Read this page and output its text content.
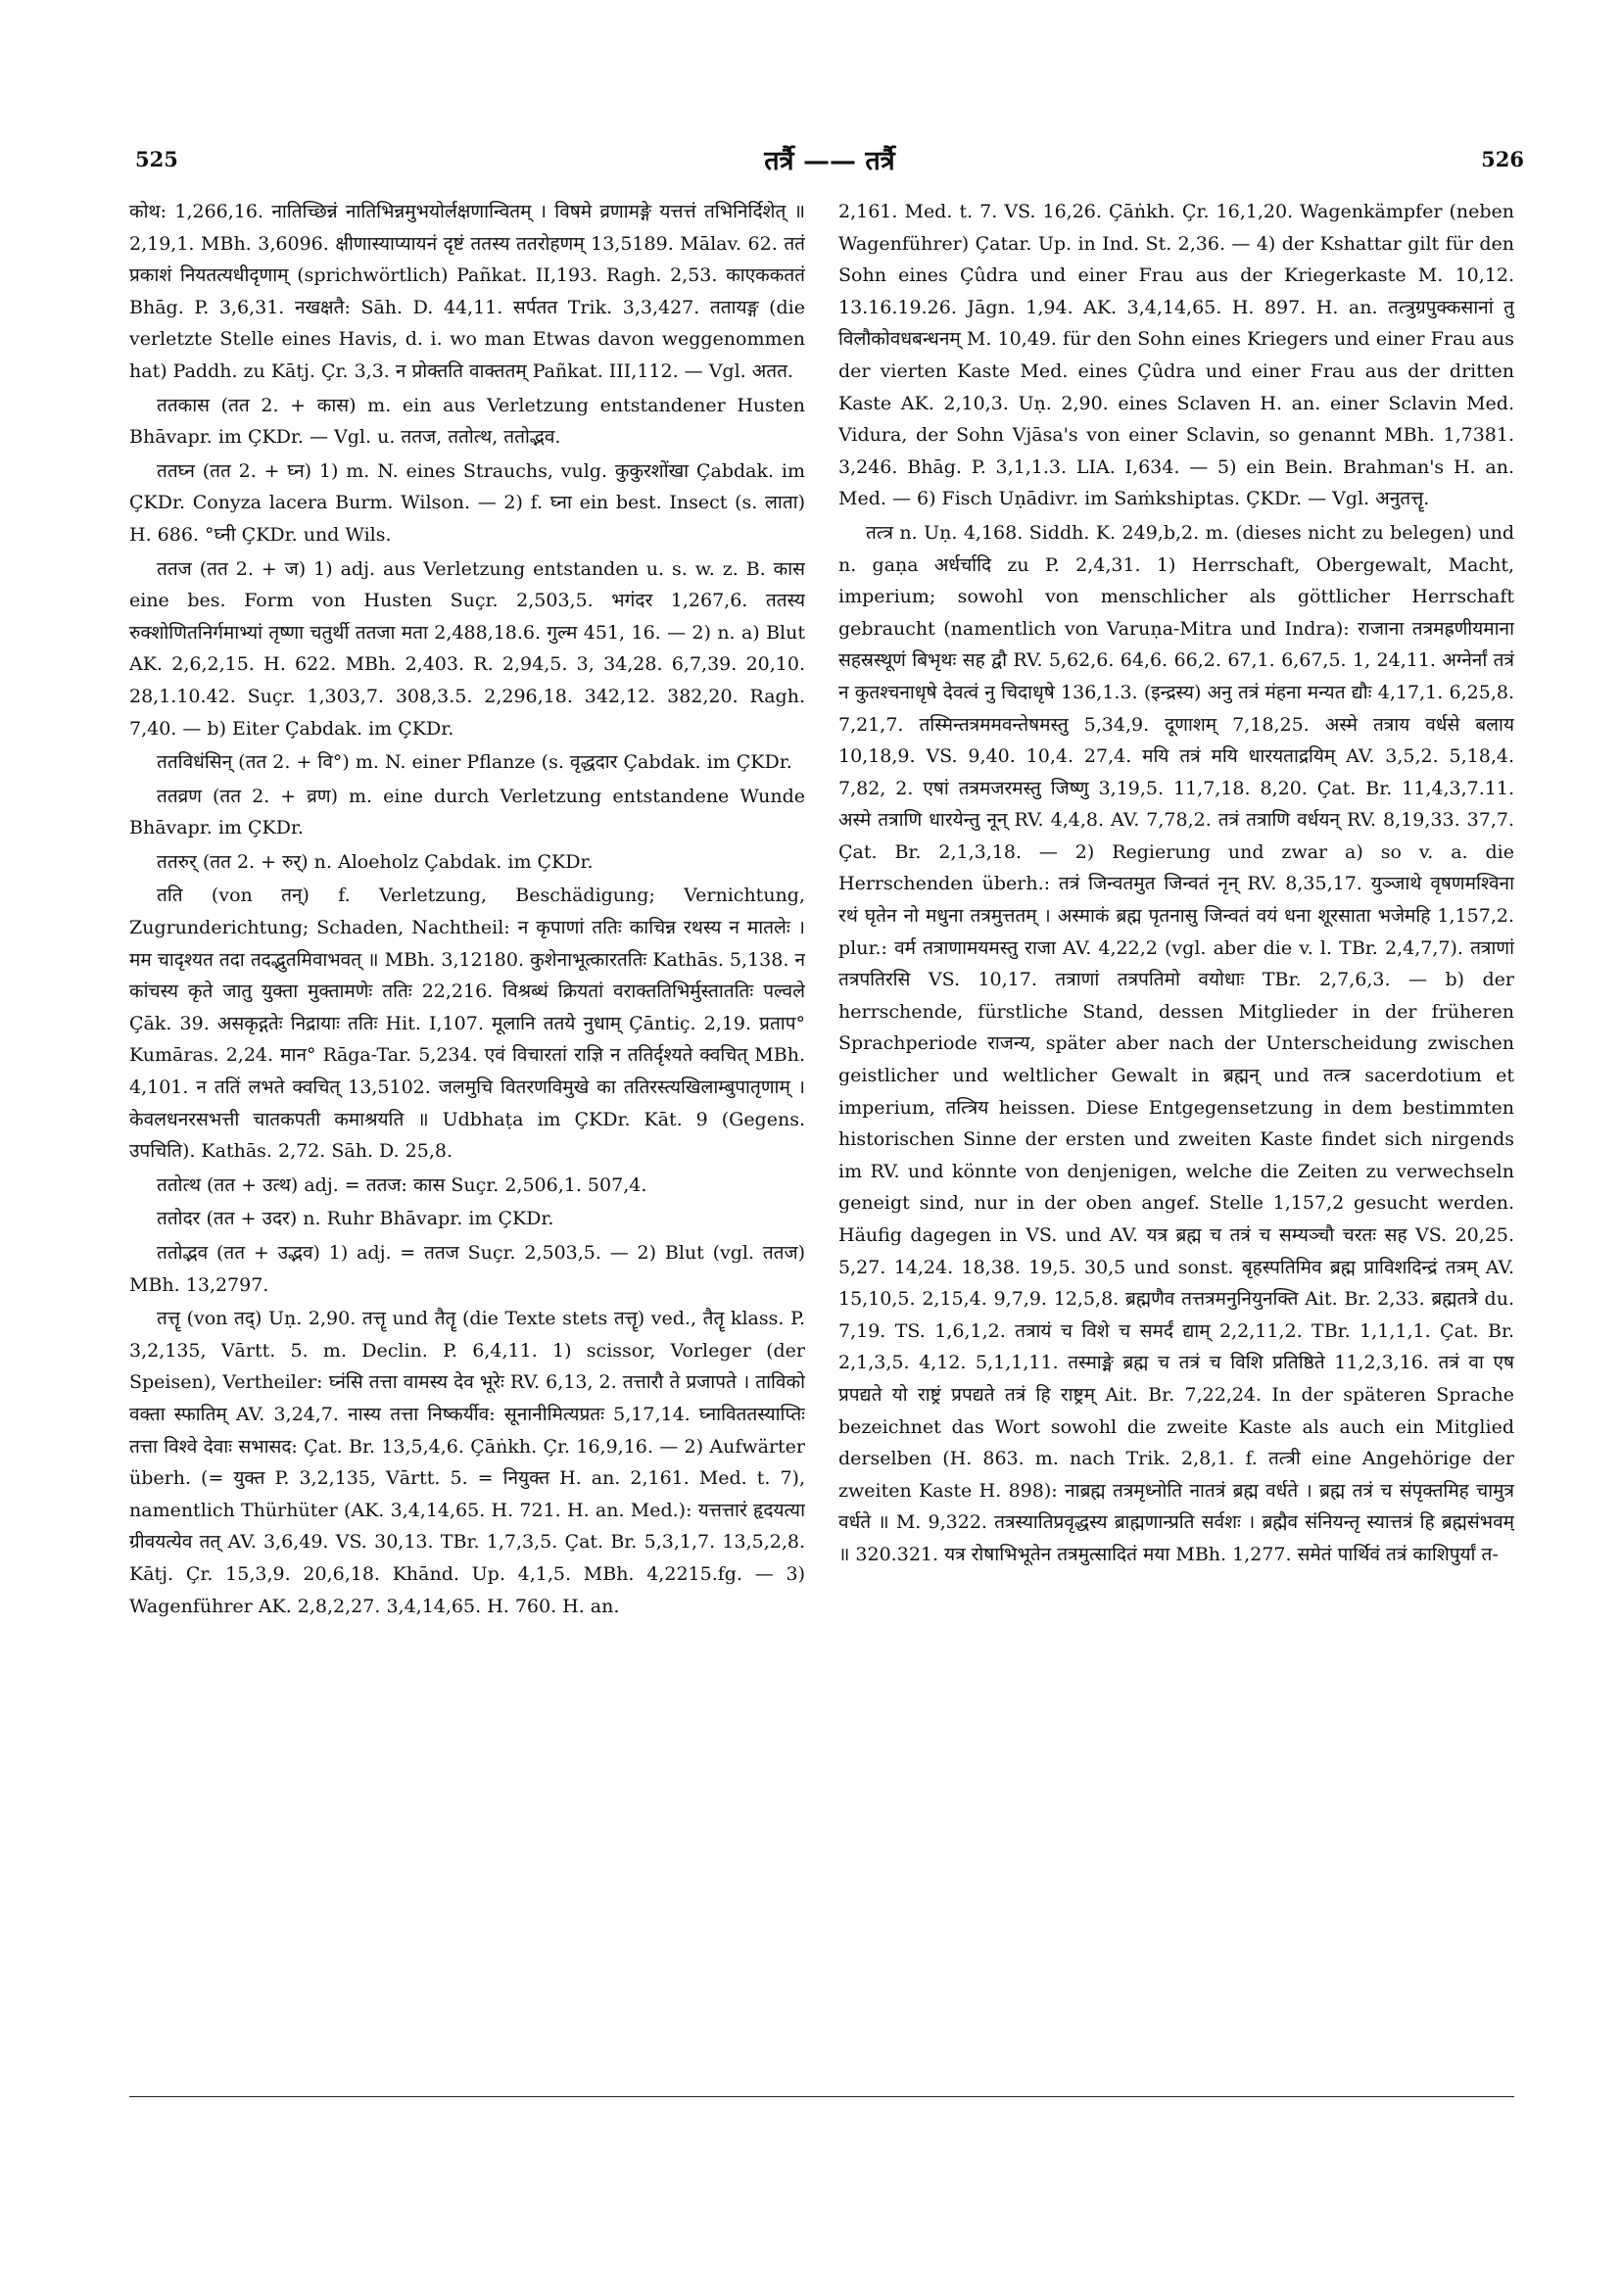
525	तर्त्रै —— तर्त्रै	526

कोथ: 1,266,16. नातिच्छिन्नं नातिभिन्नमुभयोर्लक्षणान्वितम् । विषमे व्रणामङ्गे यत्तत्तं तभिनिर्दिशेत् ॥ 2,19,1. MBh. 3,6096. क्षीणास्याप्यायनं दृष्टं ततस्य ततरोहणम् 13,5189. Mālav. 62. ततं प्रकाशं नियतत्यधीदृणाम् (sprichwörtlich) Pañkat. II,193. Ragh. 2,53. काएककततं Bhāg. P. 3,6,31. नखक्षतै: Sāh. D. 44,11. सर्पतत Trik. 3,3,427. ततायङ्ग (die verletzte Stelle eines Havis, d. i. wo man Etwas davon weggenommen hat) Paddh. zu Kātj. Çr. 3,3. न प्रोक्तति वाक्ततम् Pañkat. III,112. — Vgl. अतत.

ततकास (तत 2. + कास) m. ein aus Verletzung entstandener Husten Bhāvapr. im ÇKDr. — Vgl. u. ततज, ततोत्थ, ततोद्भव.

ततघ्न (तत 2. + घ्न) 1) m. N. eines Strauchs, vulg. कुकुरशोंखा Çabdak. im ÇKDr. Conyza lacera Burm. Wilson. — 2) f. घ्ना ein best. Insect (s. लाता) H. 686. °घ्नी ÇKDr. und Wils.

ततज (तत 2. + ज) 1) adj. aus Verletzung entstanden u. s. w. z. B. कास eine bes. Form von Husten Suçr. 2,503,5. भगंदर 1,267,6. ततस्य रुक्शोणितनिर्गमाभ्यां तृष्णा चतुर्थी ततजा मता 2,488,18.6. गुल्म 451, 16. — 2) n. a) Blut AK. 2,6,2,15. H. 622. MBh. 2,403. R. 2,94,5. 3, 34,28. 6,7,39. 20,10. 28,1.10.42. Suçr. 1,303,7. 308,3.5. 2,296,18. 342,12. 382,20. Ragh. 7,40. — b) Eiter Çabdak. im ÇKDr.

ततविधंसिन् (तत 2. + वि°) m. N. einer Pflanze (s. वृद्धदार Çabdak. im ÇKDr.

ततव्रण (तत 2. + व्रण) m. eine durch Verletzung entstandene Wunde Bhāvapr. im ÇKDr.

ततरुर् (तत 2. + रुर्) n. Aloeholz Çabdak. im ÇKDr.

तति (von तन्) f. Verletzung, Beschädigung; Vernichtung, Zugrunderichtung; Schaden, Nachtheil: न कृपाणां ततिः काचिन्न रथस्य न मातलेः । मम चादृश्यत तदा तदद्भुतमिवाभवत् ॥ MBh. 3,12180. कुशेनाभूत्कारततिः Kathās. 5,138. न कांचस्य कृते जातु युक्ता मुक्तामणेः ततिः 22,216. विश्रब्धं क्रियतां वराक्ततिभिर्मुस्ताततिः पल्वले Çāk. 39. असकृद्गतेः निद्रायाः ततिः Hit. I,107. मूलानि ततये नुधाम् Çāntiç. 2,19. प्रताप° Kumāras. 2,24. मान° Rāga-Tar. 5,234. एवं विचारतां राज्ञि न ततिर्दृश्यते क्वचित् MBh. 4,101. न ततिं लभते क्वचित् 13,5102. जलमुचि वितरणविमुखे का ततिरस्त्यखिलाम्बुपातृणाम् । केवलधनरसभत्ती चातकपती कमाश्रयति ॥ Udbhaṭa im ÇKDr. Kāt. 9 (Gegens. उपचिति). Kathās. 2,72. Sāh. D. 25,8.

ततोत्थ (तत + उत्थ) adj. = ततज: कास Suçr. 2,506,1. 507,4.

ततोदर (तत + उदर) n. Ruhr Bhāvapr. im ÇKDr.

ततोद्भव (तत + उद्भव) 1) adj. = ततज Suçr. 2,503,5. — 2) Blut (vgl. ततज) MBh. 13,2797.

तत्तॄ (von तद्) Uṇ. 2,90. तत्तॄ und तैतॄ (die Texte stets तत्तॄ) ved., तैतॄ klass. P. 3,2,135, Vārtt. 5. m. Declin. P. 6,4,11. 1) scissor, Vorleger (der Speisen), Vertheiler: घ्नंसि तत्ता वामस्य देव भूरेः RV. 6,13, 2. तत्तारौ ते प्रजापते । ताविको वक्ता स्फातिम् AV. 3,24,7. नास्य तत्ता निष्कर्यीव: सूनानीमित्यप्रतः 5,17,14. घ्नाविततस्याप्तिः तत्ता विश्वे देवाः सभासद: Çat. Br. 13,5,4,6. Çāṅkh. Çr. 16,9,16. — 2) Aufwärter überh. (= युक्त P. 3,2,135, Vārtt. 5. = नियुक्त H. an. 2,161. Med. t. 7), namentlich Thürhüter (AK. 3,4,14,65. H. 721. H. an. Med.): यत्तत्तारं हृदयत्या ग्रीवयत्येव तत् AV. 3,6,49. VS. 30,13. TBr. 1,7,3,5. Çat. Br. 5,3,1,7. 13,5,2,8. Kātj. Çr. 15,3,9. 20,6,18. Khānd. Up. 4,1,5. MBh. 4,2215.fg. — 3) Wagenführer AK. 2,8,2,27. 3,4,14,65. H. 760. H. an.

2,161. Med. t. 7. VS. 16,26. Çāṅkh. Çr. 16,1,20. Wagenkämpfer (neben Wagenführer) Çatar. Up. in Ind. St. 2,36. — 4) der Kshattar gilt für den Sohn eines Çûdra und einer Frau aus der Kriegerkaste M. 10,12. 13.16.19.26. Jāgn. 1,94. AK. 3,4,14,65. H. 897. H. an. तत्त्रुग्रपुक्कसानां तु विलौकोवधबन्धनम् M. 10,49. für den Sohn eines Kriegers und einer Frau aus der vierten Kaste Med. eines Çûdra und einer Frau aus der dritten Kaste AK. 2,10,3. Uṇ. 2,90. eines Sclaven H. an. einer Sclavin Med. Vidura, der Sohn Vjāsa's von einer Sclavin, so genannt MBh. 1,7381. 3,246. Bhāg. P. 3,1,1.3. LIA. I,634. — 5) ein Bein. Brahman's H. an. Med. — 6) Fisch Uṇādivr. im Saṁkshiptas. ÇKDr. — Vgl. अनुतत्तॄ.

तत्त्र n. Uṇ. 4,168. Siddh. K. 249,b,2. m. (dieses nicht zu belegen) und n. gaṇa अर्धर्चादि zu P. 2,4,31. 1) Herrschaft, Obergewalt, Macht, imperium; sowohl von menschlicher als göttlicher Herrschaft gebraucht (namentlich von Varuṇa-Mitra und Indra): राजाना तत्रमह्रणीयमाना सहस्रस्थूणं बिभृथः सह द्वौ RV. 5,62,6. 64,6. 66,2. 67,1. 6,67,5. 1, 24,11. अग्नेर्नां तत्रं न कुतश्चनाधृषे देवत्वं नु चिदाधृषे 136,1.3. (इन्द्रस्य) अनु तत्रं मंहना मन्यत द्यौः 4,17,1. 6,25,8. 7,21,7. तस्मिन्तत्रममवन्तेषमस्तु 5,34,9. दूणाशम् 7,18,25. अस्मे तत्राय वर्धसे बलाय 10,18,9. VS. 9,40. 10,4. 27,4. मयि तत्रं मयि धारयताद्रयिम् AV. 3,5,2. 5,18,4. 7,82, 2. एषां तत्रमजरमस्तु जिष्णु 3,19,5. 11,7,18. 8,20. Çat. Br. 11,4,3,7.11. अस्मे तत्राणि धारयेन्तु नून् RV. 4,4,8. AV. 7,78,2. तत्रं तत्राणि वर्धयन् RV. 8,19,33. 37,7. Çat. Br. 2,1,3,18. — 2) Regierung und zwar a) so v. a. die Herrschenden überh.: तत्रं जिन्वतमुत जिन्वतं नृन् RV. 8,35,17. युञ्जाथे वृषणमश्विना रथं घृतेन नो मधुना तत्रमुत्ततम् । अस्माकं ब्रह्म पृतनासु जिन्वतं वयं धना शूरसाता भजेमहि 1,157,2. plur.: वर्म तत्राणामयमस्तु राजा AV. 4,22,2 (vgl. aber die v. l. TBr. 2,4,7,7). तत्राणां तत्रपतिरसि VS. 10,17. तत्राणां तत्रपतिमो वयोधाः TBr. 2,7,6,3. — b) der herrschende, fürstliche Stand, dessen Mitglieder in der früheren Sprachperiode राजन्य, später aber nach der Unterscheidung zwischen geistlicher und weltlicher Gewalt in ब्रह्मन् und तत्त्र sacerdotium et imperium, तत्त्रिय heissen. Diese Entgegensetzung in dem bestimmten historischen Sinne der ersten und zweiten Kaste findet sich nirgends im RV. und könnte von denjenigen, welche die Zeiten zu verwechseln geneigt sind, nur in der oben angef. Stelle 1,157,2 gesucht werden. Häufig dagegen in VS. und AV. यत्र ब्रह्म च तत्रं च सम्यञ्चौ चरतः सह VS. 20,25. 5,27. 14,24. 18,38. 19,5. 30,5 und sonst. बृहस्पतिमिव ब्रह्म प्राविशदिन्द्रं तत्रम् AV. 15,10,5. 2,15,4. 9,7,9. 12,5,8. ब्रह्मणैव तत्तत्रमनुनियुनक्ति Ait. Br. 2,33. ब्रह्मतत्रे du. 7,19. TS. 1,6,1,2. तत्रायं च विशे च समर्दं द्याम् 2,2,11,2. TBr. 1,1,1,1. Çat. Br. 2,1,3,5. 4,12. 5,1,1,11. तस्माङ्मे ब्रह्म च तत्रं च विशि प्रतिष्ठिते 11,2,3,16. तत्रं वा एष प्रपद्यते यो राष्ट्रं प्रपद्यते तत्रं हि राष्ट्रम् Ait. Br. 7,22,24. In der späteren Sprache bezeichnet das Wort sowohl die zweite Kaste als auch ein Mitglied derselben (H. 863. m. nach Trik. 2,8,1. f. तत्त्री eine Angehörige der zweiten Kaste H. 898): नाब्रह्म तत्रमृध्नोति नातत्रं ब्रह्म वर्धते । ब्रह्म तत्रं च संपृक्तमिह चामुत्र वर्धते ॥ M. 9,322. तत्रस्यातिप्रवृद्धस्य ब्राह्मणान्प्रति सर्वशः । ब्रह्मैव संनियन्तृ स्यात्तत्रं हि ब्रह्मसंभवम् ॥ 320.321. यत्र रोषाभिभूतेन तत्रमुत्सादितं मया MBh. 1,277. समेतं पार्थिवं तत्रं काशिपुर्यां त-
